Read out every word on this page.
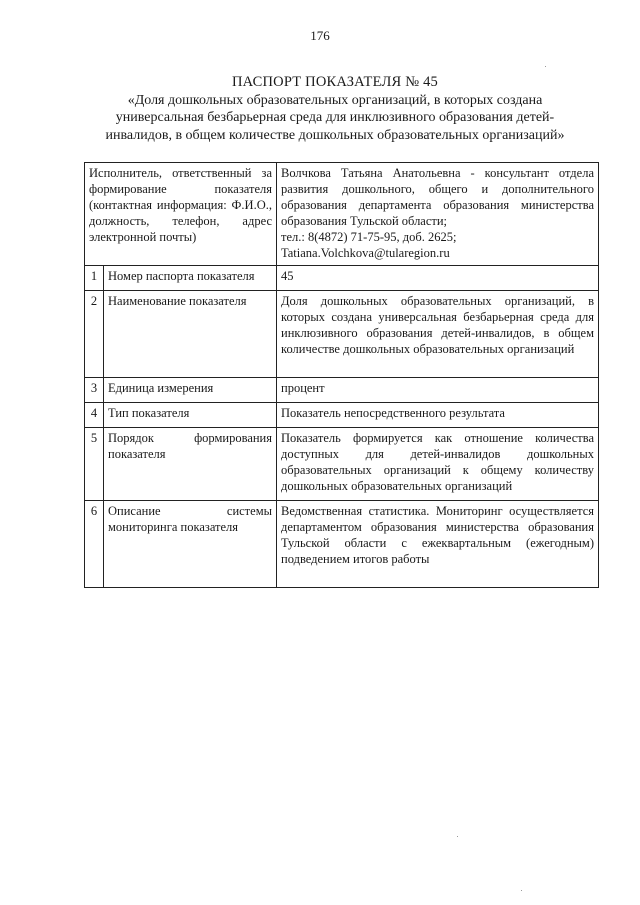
176
ПАСПОРТ ПОКАЗАТЕЛЯ № 45
«Доля дошкольных образовательных организаций, в которых создана
универсальная безбарьерная среда для инклюзивного образования детей-
инвалидов, в общем количестве дошкольных образовательных организаций»
Исполнитель, ответственный за формирование показателя (контактная информация: Ф.И.О., должность, телефон, адрес электронной почты)		Волчкова Татьяна Анатольевна - консультант отдела развития дошкольного, общего и дополнительного образования департамента образования министерства образования Тульской области;
тел.: 8(4872) 71-75-95, доб. 2625;
Tatiana.Volchkova@tularegion.ru

1	Номер паспорта показателя	45
2	Наименование показателя	Доля дошкольных образовательных организаций, в которых создана универсальная безбарьерная среда для инклюзивного образования детей-инвалидов, в общем количестве дошкольных образовательных организаций
3	Единица измерения	процент
4	Тип показателя	Показатель непосредственного результата
5	Порядок формирования показателя	Показатель формируется как отношение количества доступных для детей-инвалидов дошкольных образовательных организаций к общему количеству дошкольных образовательных организаций
6	Описание системы мониторинга показателя	Ведомственная статистика. Мониторинг осуществляется департаментом образования министерства образования Тульской области с ежеквартальным (ежегодным) подведением итогов работы
